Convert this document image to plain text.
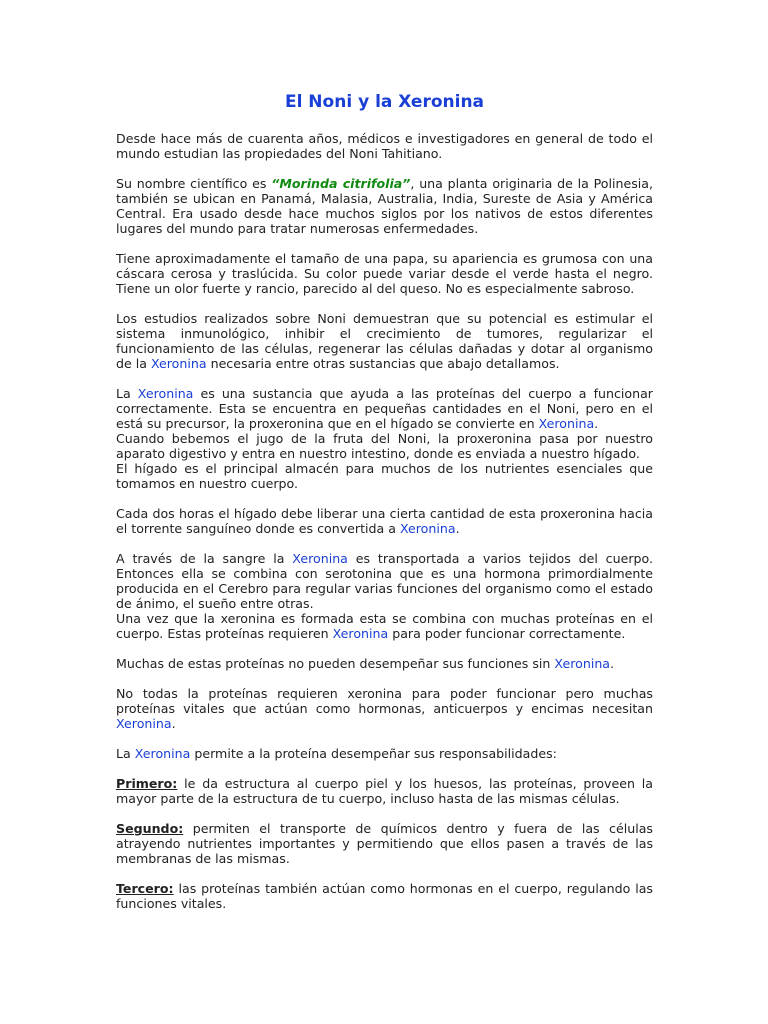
El Noni y la Xeronina

Desde hace más de cuarenta años, médicos e investigadores en general de todo el mundo estudian las propiedades del Noni Tahitiano.

Su nombre científico es “Morinda citrifolia”, una planta originaria de la Polinesia, también se ubican en Panamá, Malasia, Australia, India, Sureste de Asia y América Central. Era usado desde hace muchos siglos por los nativos de estos diferentes lugares del mundo para tratar numerosas enfermedades.

Tiene aproximadamente el tamaño de una papa, su apariencia es grumosa con una cáscara cerosa y traslúcida. Su color puede variar desde el verde hasta el negro. Tiene un olor fuerte y rancio, parecido al del queso. No es especialmente sabroso.

Los estudios realizados sobre Noni demuestran que su potencial es estimular el sistema inmunológico, inhibir el crecimiento de tumores, regularizar el funcionamiento de las células, regenerar las células dañadas y dotar al organismo de la Xeronina necesaria entre otras sustancias que abajo detallamos.

La Xeronina es una sustancia que ayuda a las proteínas del cuerpo a funcionar correctamente. Esta se encuentra en pequeñas cantidades en el Noni, pero en el está su precursor, la proxeronina que en el hígado se convierte en Xeronina.
Cuando bebemos el jugo de la fruta del Noni, la proxeronina pasa por nuestro aparato digestivo y entra en nuestro intestino, donde es enviada a nuestro hígado.
El hígado es el principal almacén para muchos de los nutrientes esenciales que tomamos en nuestro cuerpo.

Cada dos horas el hígado debe liberar una cierta cantidad de esta proxeronina hacia el torrente sanguíneo donde es convertida a Xeronina.

A través de la sangre la Xeronina es transportada a varios tejidos del cuerpo. Entonces ella se combina con serotonina que es una hormona primordialmente producida en el Cerebro para regular varias funciones del organismo como el estado de ánimo, el sueño entre otras.
Una vez que la xeronina es formada esta se combina con muchas proteínas en el cuerpo. Estas proteínas requieren Xeronina para poder funcionar correctamente.

Muchas de estas proteínas no pueden desempeñar sus funciones sin Xeronina.

No todas la proteínas requieren xeronina para poder funcionar pero muchas proteínas vitales que actúan como hormonas, anticuerpos y encimas necesitan Xeronina.

La Xeronina permite a la proteína desempeñar sus responsabilidades:

Primero: le da estructura al cuerpo piel y los huesos, las proteínas, proveen la mayor parte de la estructura de tu cuerpo, incluso hasta de las mismas células.

Segundo: permiten el transporte de químicos dentro y fuera de las células atrayendo nutrientes importantes y permitiendo que ellos pasen a través de las membranas de las mismas.

Tercero: las proteínas también actúan como hormonas en el cuerpo, regulando las funciones vitales.
